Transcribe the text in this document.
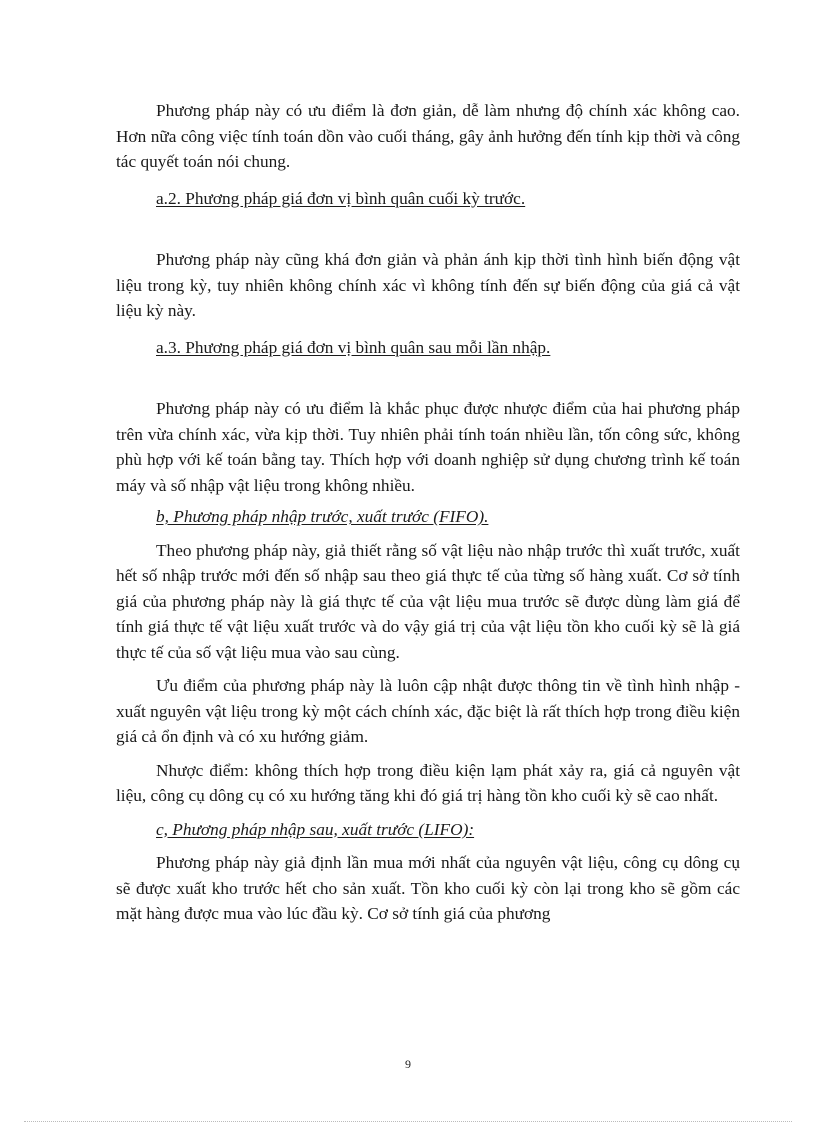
Phương pháp này có ưu điểm là đơn giản, dễ làm nhưng độ chính xác không cao. Hơn nữa công việc tính toán dồn vào cuối tháng, gây ảnh hưởng đến tính kịp thời và công tác quyết toán nói chung.

a.2. Phương pháp giá đơn vị bình quân cuối kỳ trước.

Phương pháp này cũng khá đơn giản và phản ánh kịp thời tình hình biến động vật liệu trong kỳ, tuy nhiên không chính xác vì không tính đến sự biến động của giá cả vật liệu kỳ này.

a.3. Phương pháp giá đơn vị bình quân sau mỗi lần nhập.

Phương pháp này có ưu điểm là khắc phục được nhược điểm của hai phương pháp trên vừa chính xác, vừa kịp thời. Tuy nhiên phải tính toán nhiều lần, tốn công sức, không phù hợp với kế toán bằng tay. Thích hợp với doanh nghiệp sử dụng chương trình kế toán máy và số nhập vật liệu trong không nhiều.

b, Phương pháp nhập trước, xuất trước (FIFO).

Theo phương pháp này, giả thiết rằng số vật liệu nào nhập trước thì xuất trước, xuất hết số nhập trước mới đến số nhập sau theo giá thực tế của từng số hàng xuất. Cơ sở tính giá của phương pháp này là giá thực tế của vật liệu mua trước sẽ được dùng làm giá để tính giá thực tế vật liệu xuất trước và do vậy giá trị của vật liệu tồn kho cuối kỳ sẽ là giá thực tế của số vật liệu mua vào sau cùng.

Ưu điểm của phương pháp này là luôn cập nhật được thông tin về tình hình nhập - xuất nguyên vật liệu trong kỳ một cách chính xác, đặc biệt là rất thích hợp trong điều kiện giá cả ổn định và có xu hướng giảm.

Nhược điểm: không thích hợp trong điều kiện lạm phát xảy ra, giá cả nguyên vật liệu, công cụ dông cụ có xu hướng tăng khi đó giá trị hàng tồn kho cuối kỳ sẽ cao nhất.

c, Phương pháp nhập sau, xuất trước (LIFO):

Phương pháp này giả định lần mua mới nhất của nguyên vật liệu, công cụ dông cụ sẽ được xuất kho trước hết cho sản xuất. Tồn kho cuối kỳ còn lại trong kho sẽ gồm các mặt hàng được mua vào lúc đầu kỳ. Cơ sở tính giá của phương

9
